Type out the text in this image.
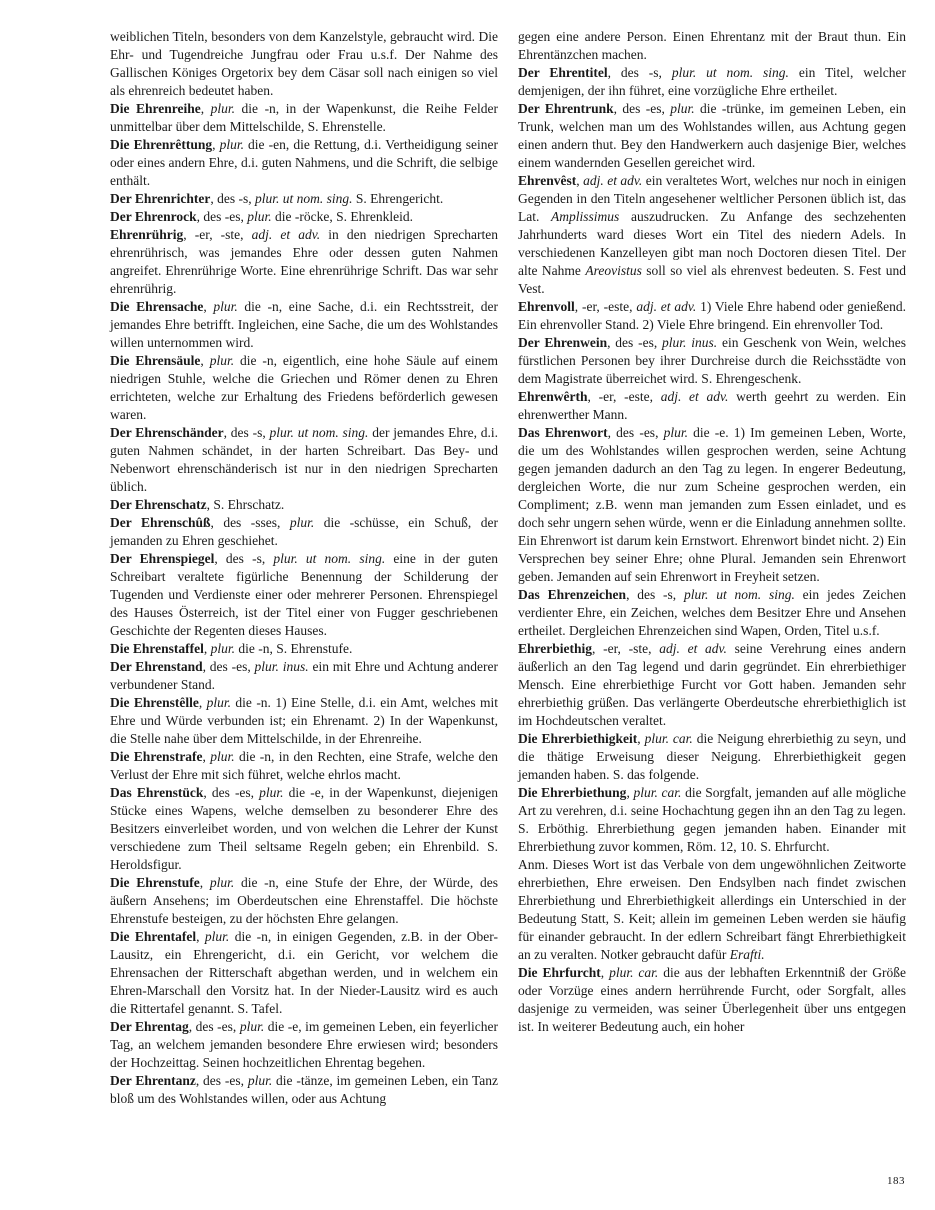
weiblichen Titeln, besonders von dem Kanzelstyle, gebraucht wird. Die Ehr- und Tugendreiche Jungfrau oder Frau u.s.f. Der Nahme des Gallischen Königes Orgetorix bey dem Cäsar soll nach einigen so viel als ehrenreich bedeutet haben.

Die Ehrenreihe, plur. die -n, in der Wapenkunst, die Reihe Felder unmittelbar über dem Mittelschilde, S. Ehrenstelle.

Die Ehrenrêttung, plur. die -en, die Rettung, d.i. Vertheidigung seiner oder eines andern Ehre, d.i. guten Nahmens, und die Schrift, die selbige enthält.

Der Ehrenrichter, des -s, plur. ut nom. sing. S. Ehrengericht.

Der Ehrenrock, des -es, plur. die -röcke, S. Ehrenkleid.

Ehrenrührig, -er, -ste, adj. et adv. in den niedrigen Sprecharten ehrenrührisch, was jemandes Ehre oder dessen guten Nahmen angreifet. Ehrenrührige Worte. Eine ehrenrührige Schrift. Das war sehr ehrenrührig.

Die Ehrensache, plur. die -n, eine Sache, d.i. ein Rechtsstreit, der jemandes Ehre betrifft. Ingleichen, eine Sache, die um des Wohlstandes willen unternommen wird.

Die Ehrensäule, plur. die -n, eigentlich, eine hohe Säule auf einem niedrigen Stuhle, welche die Griechen und Römer denen zu Ehren errichteten, welche zur Erhaltung des Friedens beförderlich gewesen waren.

Der Ehrenschänder, des -s, plur. ut nom. sing. der jemandes Ehre, d.i. guten Nahmen schändet, in der harten Schreibart. Das Bey- und Nebenwort ehrenschänderisch ist nur in den niedrigen Sprecharten üblich.

Der Ehrenschatz, S. Ehrschatz.

Der Ehrenschûß, des -sses, plur. die -schüsse, ein Schuß, der jemanden zu Ehren geschiehet.

Der Ehrenspiegel, des -s, plur. ut nom. sing. eine in der guten Schreibart veraltete figürliche Benennung der Schilderung der Tugenden und Verdienste einer oder mehrerer Personen. Ehrenspiegel des Hauses Österreich, ist der Titel einer von Fugger geschriebenen Geschichte der Regenten dieses Hauses.

Die Ehrenstaffel, plur. die -n, S. Ehrenstufe.

Der Ehrenstand, des -es, plur. inus. ein mit Ehre und Achtung anderer verbundener Stand.

Die Ehrenstêlle, plur. die -n. 1) Eine Stelle, d.i. ein Amt, welches mit Ehre und Würde verbunden ist; ein Ehrenamt. 2) In der Wapenkunst, die Stelle nahe über dem Mittelschilde, in der Ehrenreihe.

Die Ehrenstrafe, plur. die -n, in den Rechten, eine Strafe, welche den Verlust der Ehre mit sich führet, welche ehrlos macht.

Das Ehrenstück, des -es, plur. die -e, in der Wapenkunst, diejenigen Stücke eines Wapens, welche demselben zu besonderer Ehre des Besitzers einverleibet worden, und von welchen die Lehrer der Kunst verschiedene zum Theil seltsame Regeln geben; ein Ehrenbild. S. Heroldsfigur.

Die Ehrenstufe, plur. die -n, eine Stufe der Ehre, der Würde, des äußern Ansehens; im Oberdeutschen eine Ehrenstaffel. Die höchste Ehrenstufe besteigen, zu der höchsten Ehre gelangen.

Die Ehrentafel, plur. die -n, in einigen Gegenden, z.B. in der Ober-Lausitz, ein Ehrengericht, d.i. ein Gericht, vor welchem die Ehrensachen der Ritterschaft abgethan werden, und in welchem ein Ehren-Marschall den Vorsitz hat. In der Nieder-Lausitz wird es auch die Rittertafel genannt. S. Tafel.

Der Ehrentag, des -es, plur. die -e, im gemeinen Leben, ein feyerlicher Tag, an welchem jemanden besondere Ehre erwiesen wird; besonders der Hochzeittag. Seinen hochzeitlichen Ehrentag begehen.

Der Ehrentanz, des -es, plur. die -tänze, im gemeinen Leben, ein Tanz bloß um des Wohlstandes willen, oder aus Achtung

gegen eine andere Person. Einen Ehrentanz mit der Braut thun. Ein Ehrentänzchen machen.

Der Ehrentitel, des -s, plur. ut nom. sing. ein Titel, welcher demjenigen, der ihn führet, eine vorzügliche Ehre ertheilet.

Der Ehrentrunk, des -es, plur. die -trünke, im gemeinen Leben, ein Trunk, welchen man um des Wohlstandes willen, aus Achtung gegen einen andern thut. Bey den Handwerkern auch dasjenige Bier, welches einem wandernden Gesellen gereichet wird.

Ehrenvêst, adj. et adv. ein veraltetes Wort, welches nur noch in einigen Gegenden in den Titeln angesehener weltlicher Personen üblich ist, das Lat. Amplissimus auszudrucken. Zu Anfange des sechzehenten Jahrhunderts ward dieses Wort ein Titel des niedern Adels. In verschiedenen Kanzelleyen gibt man noch Doctoren diesen Titel. Der alte Nahme Areovistus soll so viel als ehrenvest bedeuten. S. Fest und Vest.

Ehrenvoll, -er, -este, adj. et adv. 1) Viele Ehre habend oder genießend. Ein ehrenvoller Stand. 2) Viele Ehre bringend. Ein ehrenvoller Tod.

Der Ehrenwein, des -es, plur. inus. ein Geschenk von Wein, welches fürstlichen Personen bey ihrer Durchreise durch die Reichsstädte von dem Magistrate überreichet wird. S. Ehrengeschenk.

Ehrenwêrth, -er, -este, adj. et adv. werth geehrt zu werden. Ein ehrenwerther Mann.

Das Ehrenwort, des -es, plur. die -e. 1) Im gemeinen Leben, Worte, die um des Wohlstandes willen gesprochen werden, seine Achtung gegen jemanden dadurch an den Tag zu legen. In engerer Bedeutung, dergleichen Worte, die nur zum Scheine gesprochen werden, ein Compliment; z.B. wenn man jemanden zum Essen einladet, und es doch sehr ungern sehen würde, wenn er die Einladung annehmen sollte. Ein Ehrenwort ist darum kein Ernstwort. Ehrenwort bindet nicht. 2) Ein Versprechen bey seiner Ehre; ohne Plural. Jemanden sein Ehrenwort geben. Jemanden auf sein Ehrenwort in Freyheit setzen.

Das Ehrenzeichen, des -s, plur. ut nom. sing. ein jedes Zeichen verdienter Ehre, ein Zeichen, welches dem Besitzer Ehre und Ansehen ertheilet. Dergleichen Ehrenzeichen sind Wapen, Orden, Titel u.s.f.

Ehrerbiethig, -er, -ste, adj. et adv. seine Verehrung eines andern äußerlich an den Tag legend und darin gegründet. Ein ehrerbiethiger Mensch. Eine ehrerbiethige Furcht vor Gott haben. Jemanden sehr ehrerbiethig grüßen. Das verlängerte Oberdeutsche ehrerbiethiglich ist im Hochdeutschen veraltet.

Die Ehrerbiethigkeit, plur. car. die Neigung ehrerbiethig zu seyn, und die thätige Erweisung dieser Neigung. Ehrerbiethigkeit gegen jemanden haben. S. das folgende.

Die Ehrerbiethung, plur. car. die Sorgfalt, jemanden auf alle mögliche Art zu verehren, d.i. seine Hochachtung gegen ihn an den Tag zu legen. S. Erböthig. Ehrerbiethung gegen jemanden haben. Einander mit Ehrerbiethung zuvor kommen, Röm. 12, 10. S. Ehrfurcht.

Anm. Dieses Wort ist das Verbale von dem ungewöhnlichen Zeitworte ehrerbiethen, Ehre erweisen. Den Endsylben nach findet zwischen Ehrerbiethung und Ehrerbiethigkeit allerdings ein Unterschied in der Bedeutung Statt, S. Keit; allein im gemeinen Leben werden sie häufig für einander gebraucht. In der edlern Schreibart fängt Ehrerbiethigkeit an zu veralten. Notker gebraucht dafür Erafti.

Die Ehrfurcht, plur. car. die aus der lebhaften Erkenntniß der Größe oder Vorzüge eines andern herrührende Furcht, oder Sorgfalt, alles dasjenige zu vermeiden, was seiner Überlegenheit über uns entgegen ist. In weiterer Bedeutung auch, ein hoher

183
